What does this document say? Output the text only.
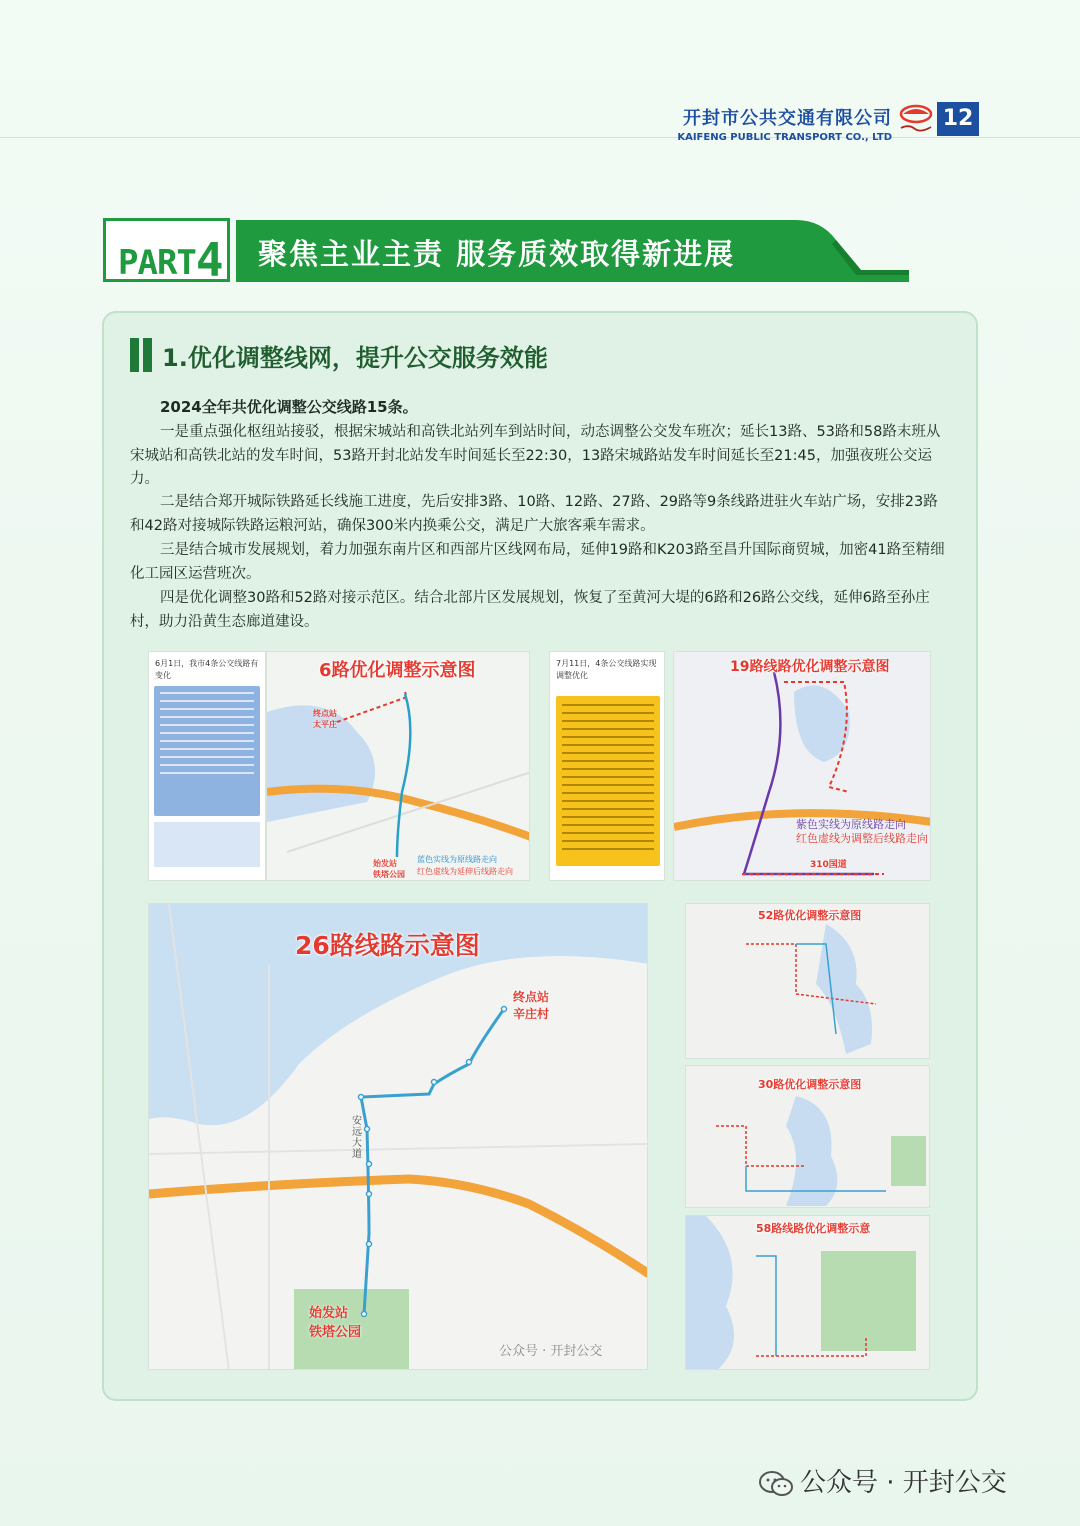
开封市公共交通有限公司
KAIFENG PUBLIC TRANSPORT CO., LTD
12
PART4 聚焦主业主责 服务质效取得新进展
1.优化调整线网，提升公交服务效能
2024全年共优化调整公交线路15条。
一是重点强化枢纽站接驳，根据宋城站和高铁北站列车到站时间，动态调整公交发车班次；延长13路、53路和58路末班从宋城站和高铁北站的发车时间，53路开封北站发车时间延长至22:30，13路宋城路站发车时间延长至21:45，加强夜班公交运力。
二是结合郑开城际铁路延长线施工进度，先后安排3路、10路、12路、27路、29路等9条线路进驻火车站广场，安排23路和42路对接城际铁路运粮河站，确保300米内换乘公交，满足广大旅客乘车需求。
三是结合城市发展规划，着力加强东南片区和西部片区线网布局，延伸19路和K203路至昌升国际商贸城，加密41路至精细化工园区运营班次。
四是优化调整30路和52路对接示范区。结合北部片区发展规划，恢复了至黄河大堤的6路和26路公交线，延伸6路至孙庄村，助力沿黄生态廊道建设。
6月1日，我市4条公交线路有变化	6路优化调整示意图
终点站
太平庄
始发站
铁塔公园
蓝色实线为原线路走向
红色虚线为延伸后线路走向
7月11日，4条公交线路实现调整优化
19路线路优化调整示意图
紫色实线为原线路走向
红色虚线为调整后线路走向
310国道
26路线路示意图
终点站
辛庄村
始发站
铁塔公园
安远大道
公众号 · 开封公交
52路优化调整示意图
30路优化调整示意图
58路线路优化调整示意
公众号 · 开封公交
